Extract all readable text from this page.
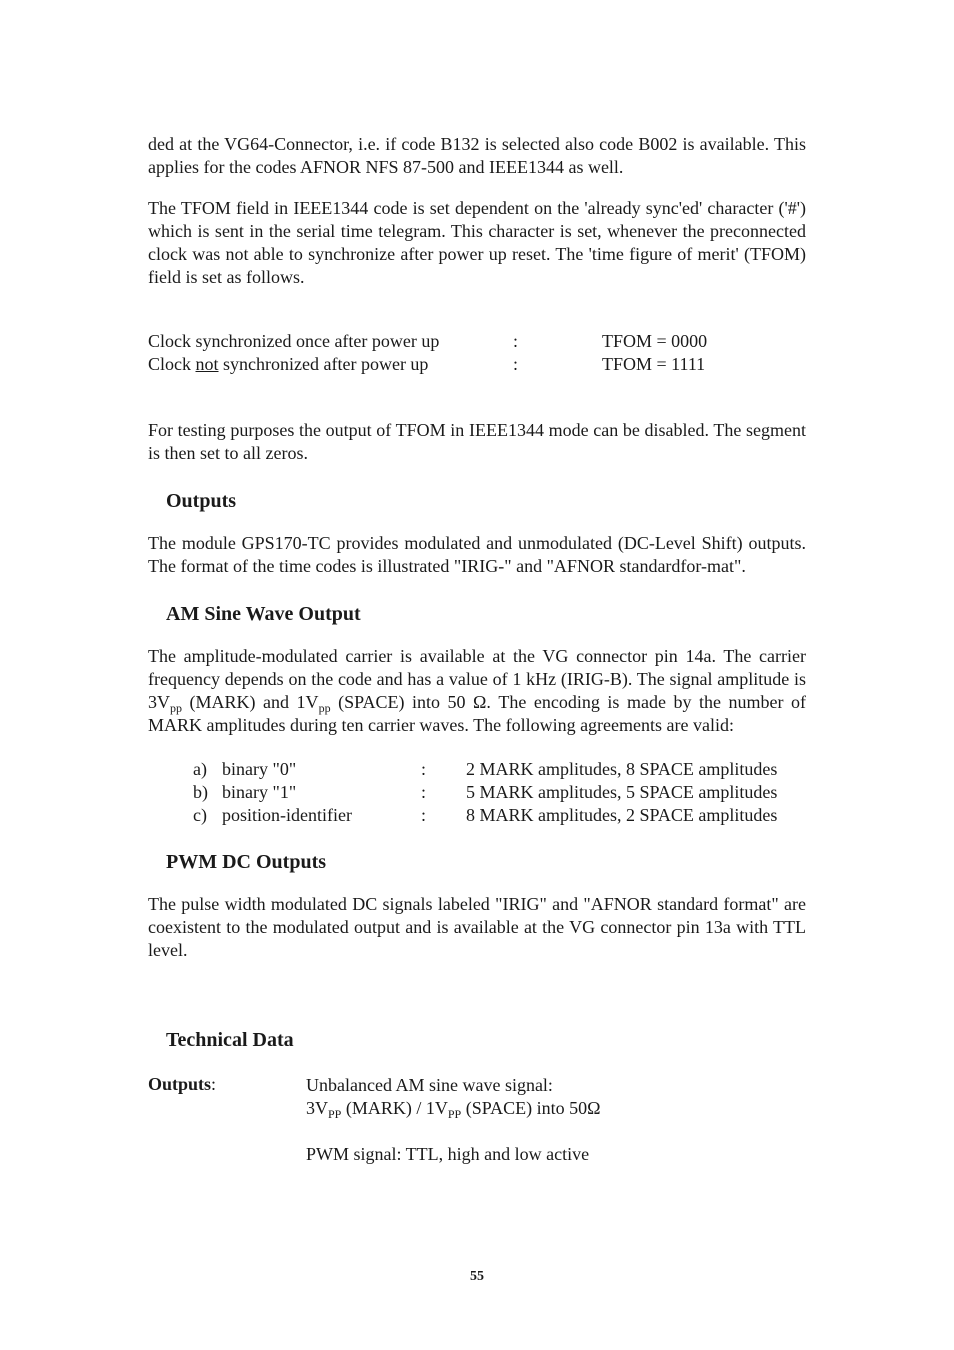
ded at the VG64-Connector, i.e. if code B132 is selected also code B002 is available. This applies for the codes AFNOR NFS 87-500 and IEEE1344 as well.

The TFOM field in IEEE1344 code is set dependent on the 'already sync'ed' character ('#') which is sent in the serial time telegram. This character is set, whenever the preconnected clock was not able to synchronize after power up reset. The 'time figure of merit' (TFOM) field is set as follows.

Clock synchronized once after power up	:	TFOM = 0000
Clock not synchronized after power up	:	TFOM = 1111

For testing purposes the output of TFOM in IEEE1344 mode can be disabled. The segment is then set to all zeros.

Outputs

The module GPS170-TC provides modulated and unmodulated (DC-Level Shift) outputs. The format of the time codes is illustrated "IRIG-" and "AFNOR standardfor-mat".

AM Sine Wave Output

The amplitude-modulated carrier is available at the VG connector pin 14a. The carrier frequency depends on the code and has a value of 1 kHz (IRIG-B). The signal amplitude is $3V_{pp}$ (MARK) and $1V_{pp}$ (SPACE) into 50 Ω. The encoding is made by the number of MARK amplitudes during ten carrier waves. The following agreements are valid:

a) binary "0"	:	2 MARK amplitudes, 8 SPACE amplitudes
b) binary "1"	:	5 MARK amplitudes, 5 SPACE amplitudes
c) position-identifier	:	8 MARK amplitudes, 2 SPACE amplitudes
PWM DC Outputs

The pulse width modulated DC signals labeled "IRIG" and "AFNOR standard format" are coexistent to the modulated output and is available at the VG connector pin 13a with TTL level.

Technical Data
Outputs:	Unbalanced AM sine wave signal:

$3V_{PP}$ (MARK) / $1V_{PP}$ (SPACE) into 50Ω

PWM signal: TTL, high and low active

55
